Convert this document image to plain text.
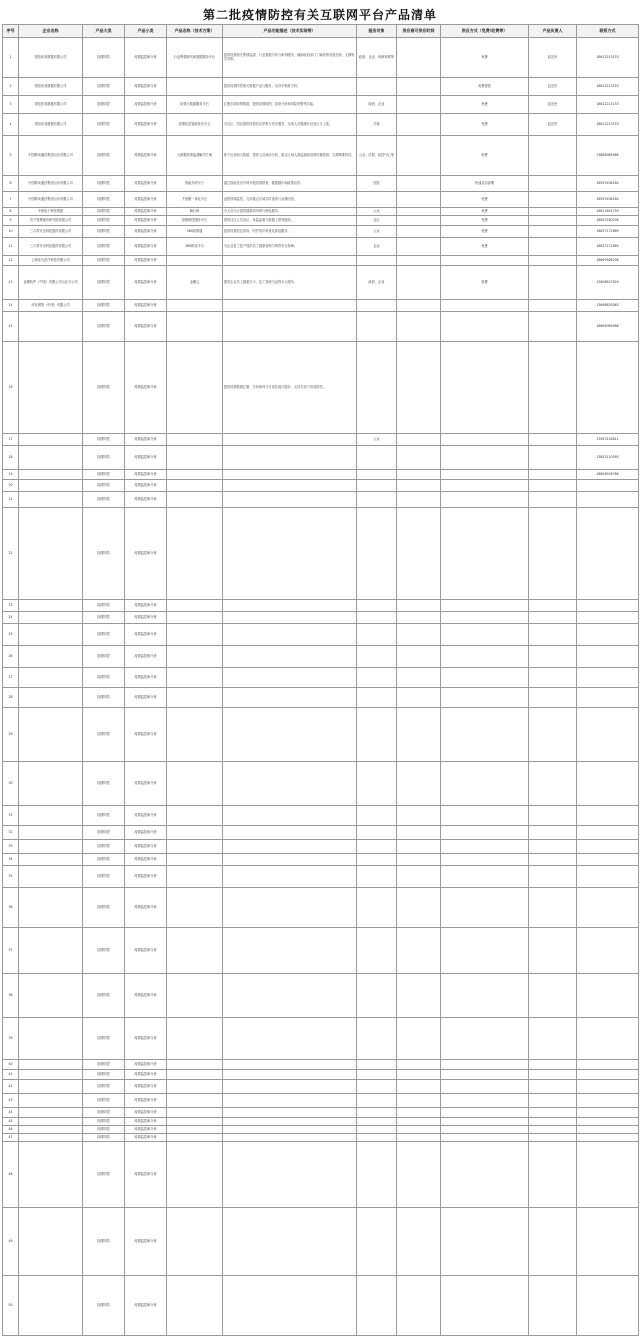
第二批疫情防控有关互联网平台产品清单
序号	企业名称	产品大类	产品小类	产品名称（技术方案）	产品功能描述（技术实现等）	服务对象	供应商可供应时间	供应方式（免费/收费等）	产品负责人	联系方式
1	国信优易数据有限公司	疫情防控	疫情监控和分析	行业舆情研究和数据服务平台	提供疫情相关舆情监测、行业数据分析与研判服务，辅助政府部门了解疫情发展态势，支撑科学决策。	政府、企业、科研机构等		免费	赵宏民	18612213153
2	国信优易数据有限公司	疫情防控	疫情监控和分析		提供疫情防控相关数据产品与服务，支持多维度分析。			免费提供	赵宏民	18612213153
3	国信优易数据有限公司	疫情防控	疫情监控和分析	疫情大数据服务平台	汇聚多源疫情数据，提供疫情地图、趋势分析和风险预警等功能。	政府、企业		免费	赵宏民	18612213153
4	国信优易数据有限公司	疫情防控	疫情监控和分析	疫情信息智能发布平台	为社区、园区提供疫情信息采集与发布服务，实现人员健康状况登记与上报。	学校		免费	赵宏民	18612213153
5	中国移动通信集团山东有限公司	疫情防控	疫情监控和分析	大数据疫情监测解决方案	基于运营商大数据，提供人员流动分析、重点区域人群监测和疫情传播预测，支撑精准防控。	公众、医院、疾控中心等		收费		13869085966
6	中国移动通信集团山东有限公司	疫情防控	疫情监控和分析	智能外呼平台	通过智能语音外呼开展疫情排查、健康随访和政策宣传。	医院		快速灵活部署		18553108180
7	中国移动通信集团山东有限公司	疫情防控	疫情监控和分析	千里眼一体化平台	远程视频监控，支持重点区域实时查看与录像回放。			免费		18553108180
8	中国电子科技集团	疫情防控	疫情监控和分析	畅行码	为人员出行提供健康码申领与核验服务。	公众		免费		18611601759
9	济宁智慧城市研究院有限公司	疫情防控	疫情监控和分析	疫情防控服务平台	提供社区人员登记、体温监测与数据上报等服务。	社区		免费		18653760206
10	三六零安全科技股份有限公司	疫情防控	疫情监控和分析	360疫情通	提供疫情信息查询、防护知识科普及辟谣服务。	公众		免费		18637172869
11	三六零安全科技股份有限公司	疫情防控	疫情监控和分析	360防疫平台	为企业复工复产提供员工健康管理与网络安全保障。	企业		免费		18637172869
12	上海非凡医疗科技有限公司	疫情防控	疫情监控和分析							18669908296
13	金蝶软件（中国）有限公司山东分公司	疫情防控	疫情监控和分析	金蝶云	提供企业员工健康打卡、复工管理与远程办公服务。	政府、企业		收费		15608617624
14	用友网络（中国）有限公司	疫情防控	疫情监控和分析							13698835063
15		疫情防控	疫情监控和分析							18669089988
16		疫情防控	疫情监控和分析		提供疫情数据汇聚、分析研判与可视化展示服务，支持多部门协同防控。					
17		疫情防控	疫情监控和分析			公众				13953118811
18		疫情防控	疫情监控和分析							13853110093
19		疫情防控	疫情监控和分析							18606509766
20		疫情防控	疫情监控和分析							
21		疫情防控	疫情监控和分析							
22		疫情防控	疫情监控和分析							
23		疫情防控	疫情监控和分析							
24		疫情防控	疫情监控和分析							
25		疫情防控	疫情监控和分析							
26		疫情防控	疫情监控和分析							
27		疫情防控	疫情监控和分析							
28		疫情防控	疫情监控和分析							
29		疫情防控	疫情监控和分析							
30		疫情防控	疫情监控和分析							
31		疫情防控	疫情监控和分析							
32		疫情防控	疫情监控和分析							
33		疫情防控	疫情监控和分析							
34		疫情防控	疫情监控和分析							
35		疫情防控	疫情监控和分析							
36		疫情防控	疫情监控和分析							
37		疫情防控	疫情监控和分析							
38		疫情防控	疫情监控和分析							
39		疫情防控	疫情监控和分析							
40		疫情防控	疫情监控和分析							
41		疫情防控	疫情监控和分析							
42		疫情防控	疫情监控和分析							
43		疫情防控	疫情监控和分析							
44		疫情防控	疫情监控和分析							
45		疫情防控	疫情监控和分析							
46		疫情防控	疫情监控和分析							
47		疫情防控	疫情监控和分析							
48		疫情防控	疫情监控和分析							
49		疫情防控	疫情监控和分析							
50		疫情防控	疫情监控和分析							
